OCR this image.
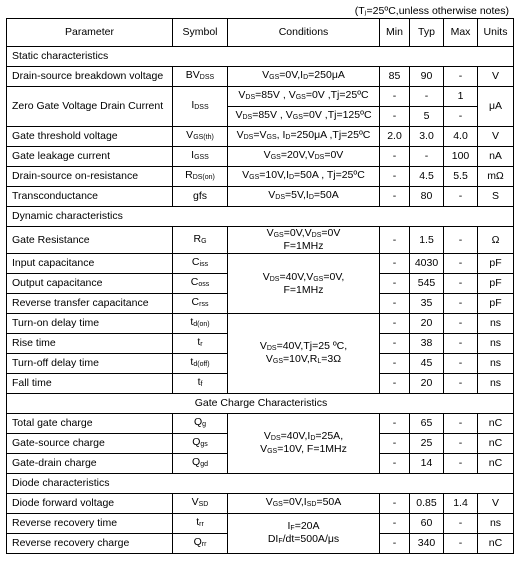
(Tⱼ=25ºC,unless otherwise notes)
Parameter	Symbol	Conditions	Min	Typ	Max	Units
Static characteristics						
Drain-source breakdown voltage	$BV_{DSS}$	$V_{GS}=0V,I_D=250\mu A$	85	90	-	V
Zero Gate Voltage Drain Current	$I_{DSS}$	$V_{DS}=85V$ , $V_{GS}=0V$ ,Tj=25ºC	-	-	1	μA
		$V_{DS}=85V$ , $V_{GS}=0V$ ,Tj=125ºC	-	5	-	
Gate threshold voltage	$V_{GS(th)}$	$V_{DS}=V_{GS}$, $I_D=250\mu A$ ,Tj=25ºC	2.0	3.0	4.0	V
Gate leakage current	$I_{GSS}$	$V_{GS}=20V,V_{DS}=0V$	-	-	100	nA
Drain-source on-resistance	$R_{DS(on)}$	$V_{GS}=10V,I_D=50A$ , Tj=25ºC	-	4.5	5.5	mΩ
Transconductance	gfs	$V_{DS}=5V,I_D=50A$	-	80	-	S
Dynamic characteristics						
Gate Resistance	$R_G$	$V_{GS}=0V,V_{DS}=0V$
F=1MHz	-	1.5	-	Ω
Input capacitance	$C_{iss}$	$V_{DS}=40V,V_{GS}=0V$,
F=1MHz	-	4030	-	pF
Output capacitance	$C_{oss}$		-	545	-	pF
Reverse transfer capacitance	$C_{rss}$		-	35	-	pF
Turn-on delay time	$t_{d(on)}$	$V_{DS}=40V,Tj=25$ ºC,
$V_{GS}=10V,R_L=3\Omega$	-	20	-	ns
Rise time	$t_r$		-	38	-	ns
Turn-off delay time	$t_{d(off)}$		-	45	-	ns
Fall time	$t_f$		-	20	-	ns
Gate Charge Characteristics						
Total gate charge	$Q_g$	$V_{DS}=40V,I_D=25A$,
$V_{GS}=10V$, F=1MHz	-	65	-	nC
Gate-source charge	$Q_{gs}$		-	25	-	nC
Gate-drain charge	$Q_{gd}$		-	14	-	nC
Diode characteristics						
Diode forward voltage	$V_{SD}$	$V_{GS}=0V,I_{SD}=50A$	-	0.85	1.4	V
Reverse recovery time	$t_{rr}$	$I_F=20A$
$DI_F/dt=500A/\mu s$	-	60	-	ns
Reverse recovery charge	$Q_{rr}$		-	340	-	nC
